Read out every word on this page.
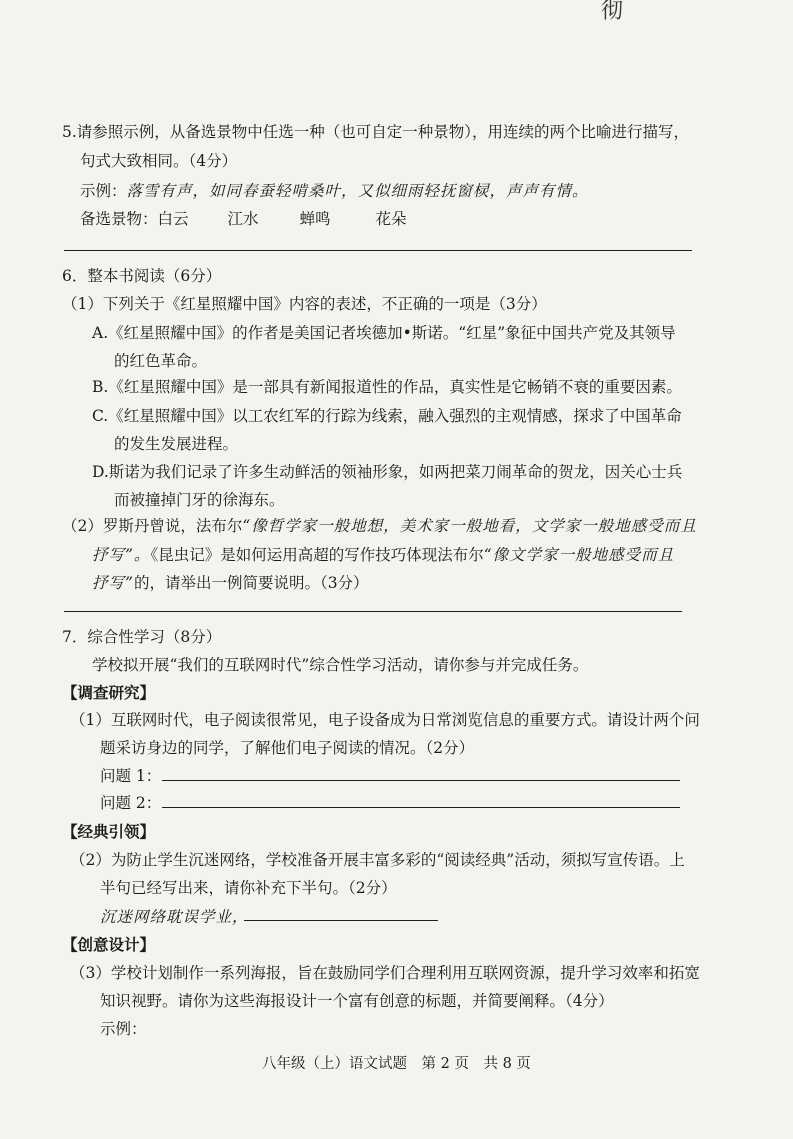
彻
5.请参照示例，从备选景物中任选一种（也可自定一种景物），用连续的两个比喻进行描写，
句式大致相同。（4分）
示例：落雪有声，如同春蚕轻啃桑叶，又似细雨轻抚窗棂，声声有情。
备选景物：白云	江水	蝉鸣	花朵
6．整本书阅读（6分）
（1）下列关于《红星照耀中国》内容的表述，不正确的一项是（3分）
A.《红星照耀中国》的作者是美国记者埃德加•斯诺。“红星”象征中国共产党及其领导
的红色革命。
B.《红星照耀中国》是一部具有新闻报道性的作品，真实性是它畅销不衰的重要因素。
C.《红星照耀中国》以工农红军的行踪为线索，融入强烈的主观情感，探求了中国革命
的发生发展进程。
D.斯诺为我们记录了许多生动鲜活的领袖形象，如两把菜刀闹革命的贺龙，因关心士兵
而被撞掉门牙的徐海东。
（2）罗斯丹曾说，法布尔“像哲学家一般地想，美术家一般地看，文学家一般地感受而且
抒写”。《昆虫记》是如何运用高超的写作技巧体现法布尔“像文学家一般地感受而且
抒写”的，请举出一例简要说明。（3分）
7．综合性学习（8分）
学校拟开展“我们的互联网时代”综合性学习活动，请你参与并完成任务。
【调查研究】
（1）互联网时代，电子阅读很常见，电子设备成为日常浏览信息的重要方式。请设计两个问
题采访身边的同学，了解他们电子阅读的情况。（2分）
问题 1：
问题 2：
【经典引领】
（2）为防止学生沉迷网络，学校准备开展丰富多彩的“阅读经典”活动，须拟写宣传语。上
半句已经写出来，请你补充下半句。（2分）
沉迷网络耽误学业，
【创意设计】
（3）学校计划制作一系列海报，旨在鼓励同学们合理利用互联网资源，提升学习效率和拓宽
知识视野。请你为这些海报设计一个富有创意的标题，并简要阐释。（4分）
示例：
八年级（上）语文试题　第 2 页　共 8 页
